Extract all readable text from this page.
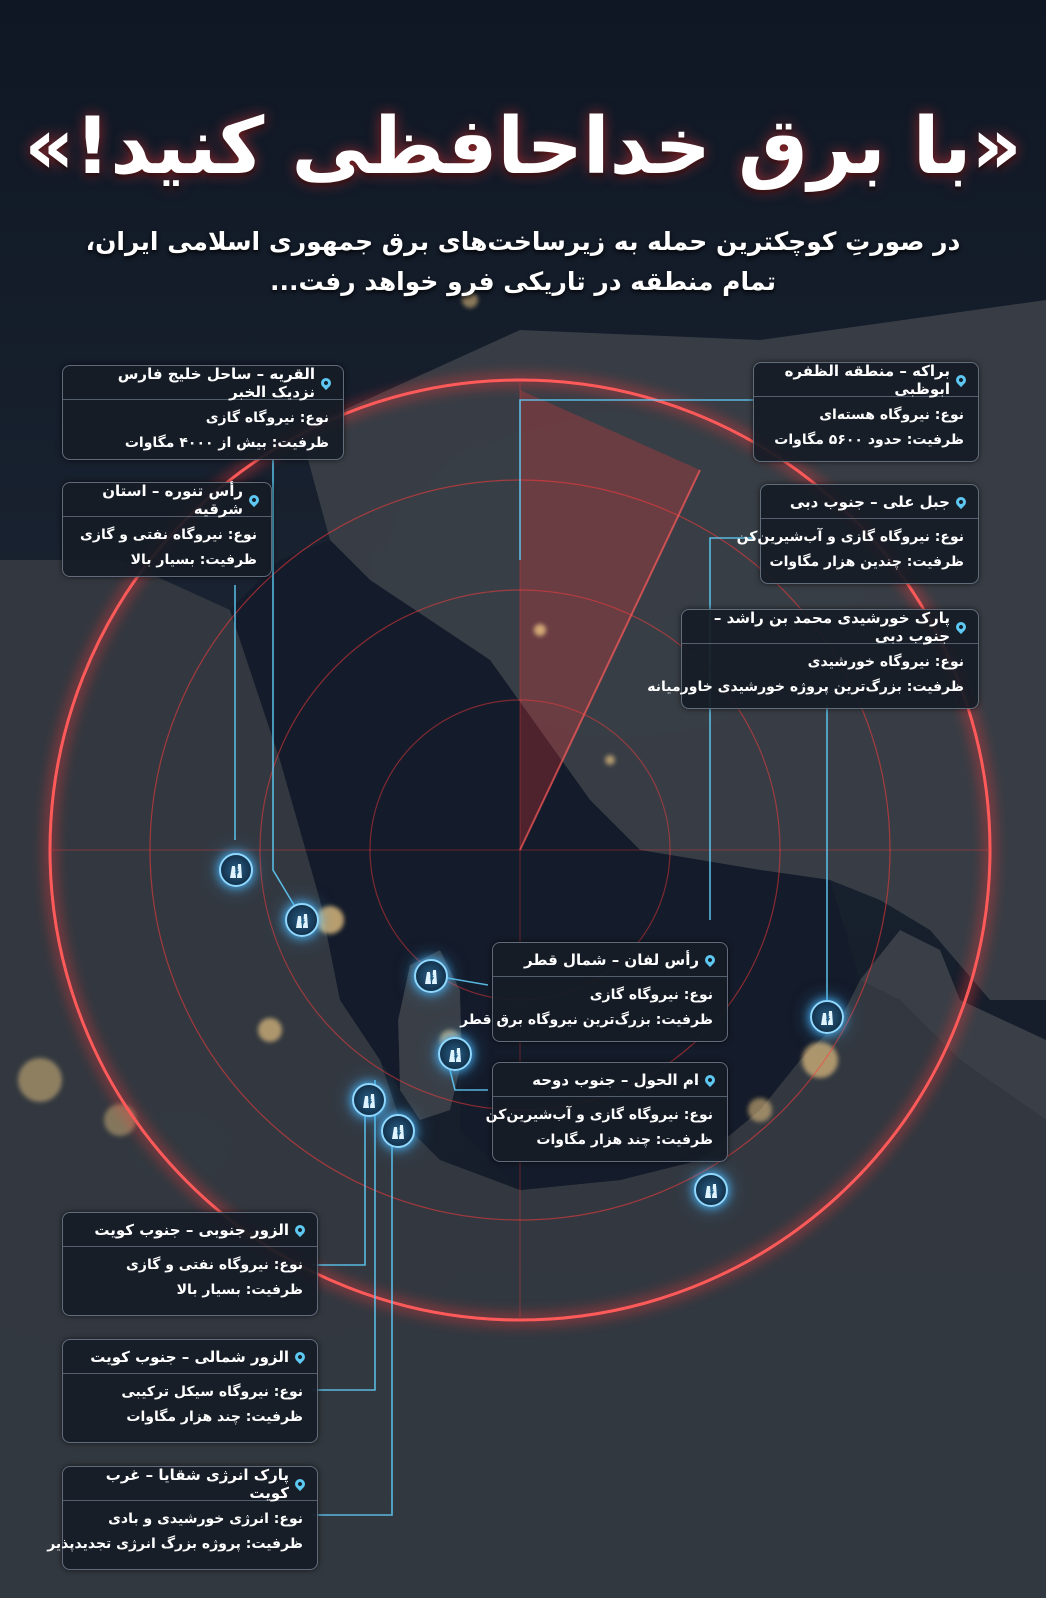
«با برق خداحافظی کنید!»
در صورتِ کوچکترین حمله به زیرساخت‌های برق جمهوری اسلامی ایران،
تمام منطقه در تاریکی فرو خواهد رفت...
القریه – ساحل خلیج فارس نزدیک الخبر
نوع: نیروگاه گازی
ظرفیت: بیش از ۴۰۰۰ مگاوات
رأس تنوره – استان شرقیه
نوع: نیروگاه نفتی و گازی
ظرفیت: بسیار بالا
براکه – منطقه الظفره ابوظبی
نوع: نیروگاه هسته‌ای
ظرفیت: حدود ۵۶۰۰ مگاوات
جبل علی – جنوب دبی
نوع: نیروگاه گازی و آب‌شیرین‌کن
ظرفیت: چندین هزار مگاوات
پارک خورشیدی محمد بن راشد – جنوب دبی
نوع: نیروگاه خورشیدی
ظرفیت: بزرگ‌ترین پروژه خورشیدی خاورمیانه
رأس لفان – شمال قطر
نوع: نیروگاه گازی
ظرفیت: بزرگ‌ترین نیروگاه برق قطر
ام الحول – جنوب دوحه
نوع: نیروگاه گازی و آب‌شیرین‌کن
ظرفیت: چند هزار مگاوات
الزور جنوبی – جنوب کویت
نوع: نیروگاه نفتی و گازی
ظرفیت: بسیار بالا
الزور شمالی – جنوب کویت
نوع: نیروگاه سیکل ترکیبی
ظرفیت: چند هزار مگاوات
پارک انرژی شقایا – غرب کویت
نوع: انرژی خورشیدی و بادی
ظرفیت: پروژه بزرگ انرژی تجدیدپذیر
